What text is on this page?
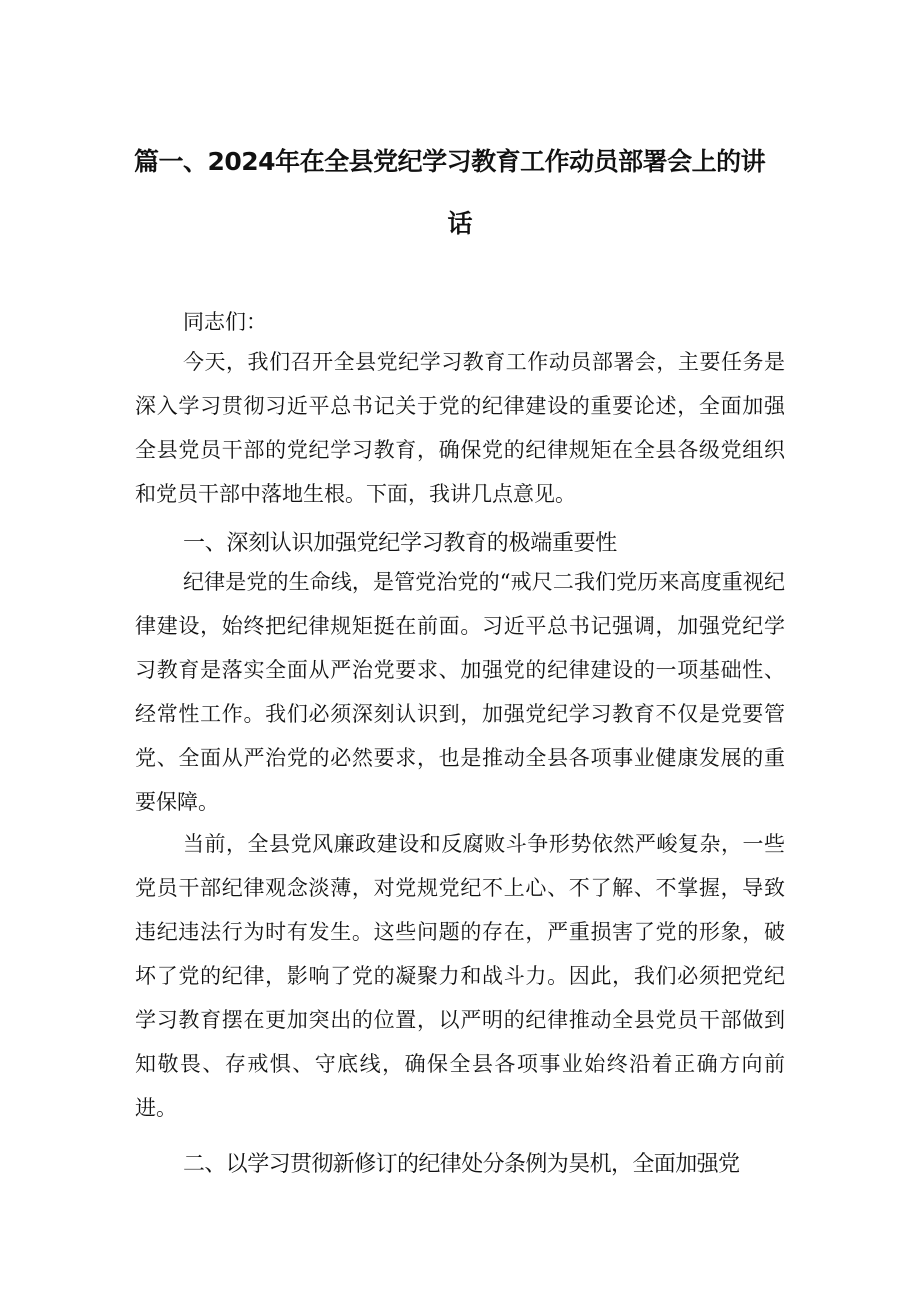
篇一、2024年在全县党纪学习教育工作动员部署会上的讲
话
同志们：

今天，我们召开全县党纪学习教育工作动员部署会，主要任务是深入学习贯彻习近平总书记关于党的纪律建设的重要论述，全面加强全县党员干部的党纪学习教育，确保党的纪律规矩在全县各级党组织和党员干部中落地生根。下面，我讲几点意见。

一、深刻认识加强党纪学习教育的极端重要性

纪律是党的生命线，是管党治党的“戒尺二我们党历来高度重视纪律建设，始终把纪律规矩挺在前面。习近平总书记强调，加强党纪学习教育是落实全面从严治党要求、加强党的纪律建设的一项基础性、经常性工作。我们必须深刻认识到，加强党纪学习教育不仅是党要管党、全面从严治党的必然要求，也是推动全县各项事业健康发展的重要保障。

当前，全县党风廉政建设和反腐败斗争形势依然严峻复杂，一些党员干部纪律观念淡薄，对党规党纪不上心、不了解、不掌握，导致违纪违法行为时有发生。这些问题的存在，严重损害了党的形象，破坏了党的纪律，影响了党的凝聚力和战斗力。因此，我们必须把党纪学习教育摆在更加突出的位置，以严明的纪律推动全县党员干部做到知敬畏、存戒惧、守底线，确保全县各项事业始终沿着正确方向前进。

二、以学习贯彻新修订的纪律处分条例为昊机，全面加强党
